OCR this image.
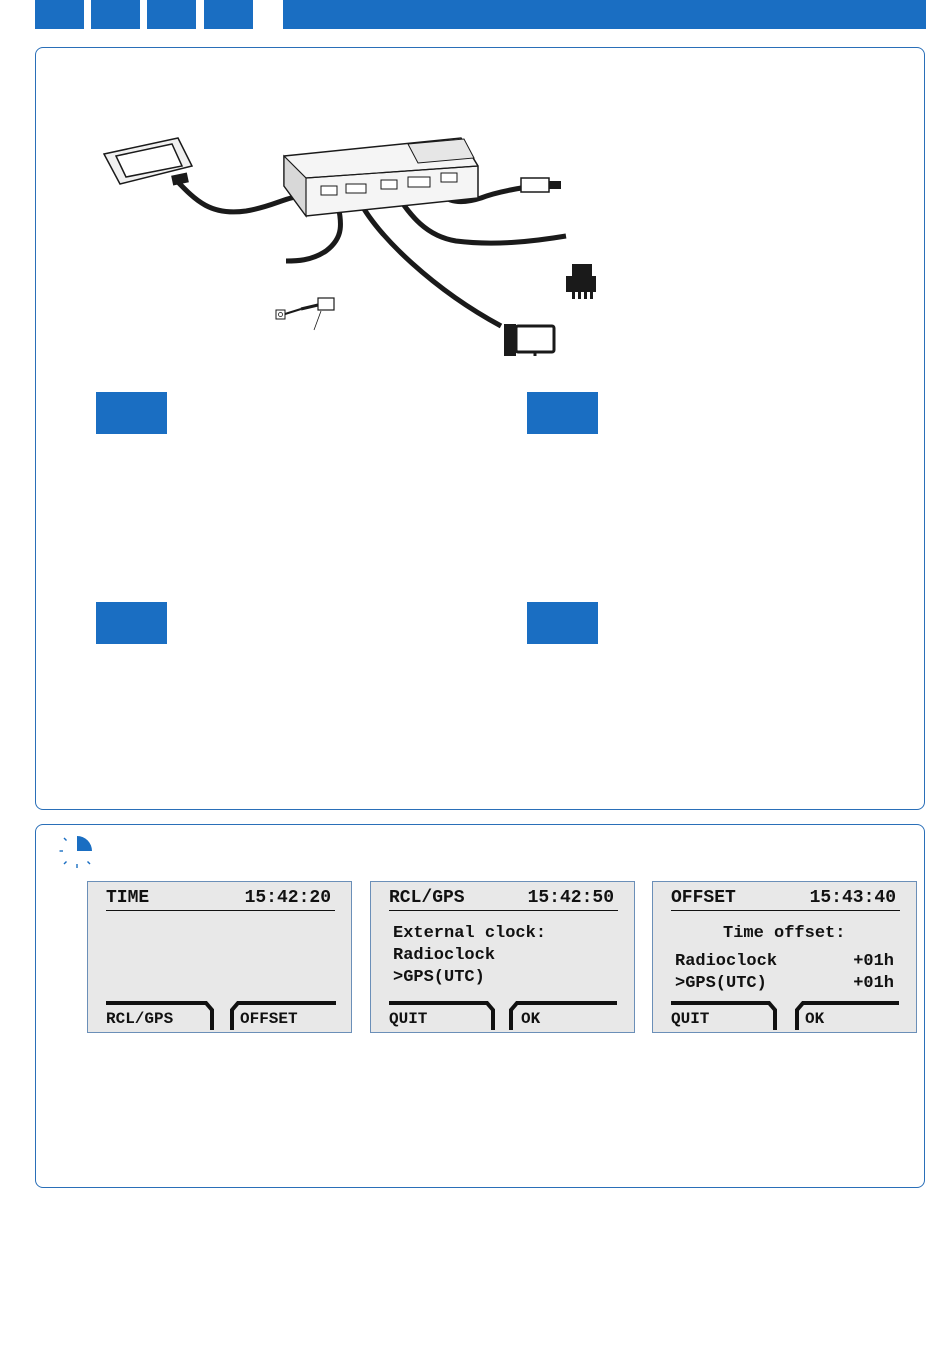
TIME	15:42:20
RCL/GPS	OFFSET
RCL/GPS	15:42:50
External clock:
Radioclock
>GPS(UTC)
QUIT	OK
OFFSET	15:43:40
Time offset:
Radioclock	+01h
>GPS(UTC)	+01h
QUIT	OK
